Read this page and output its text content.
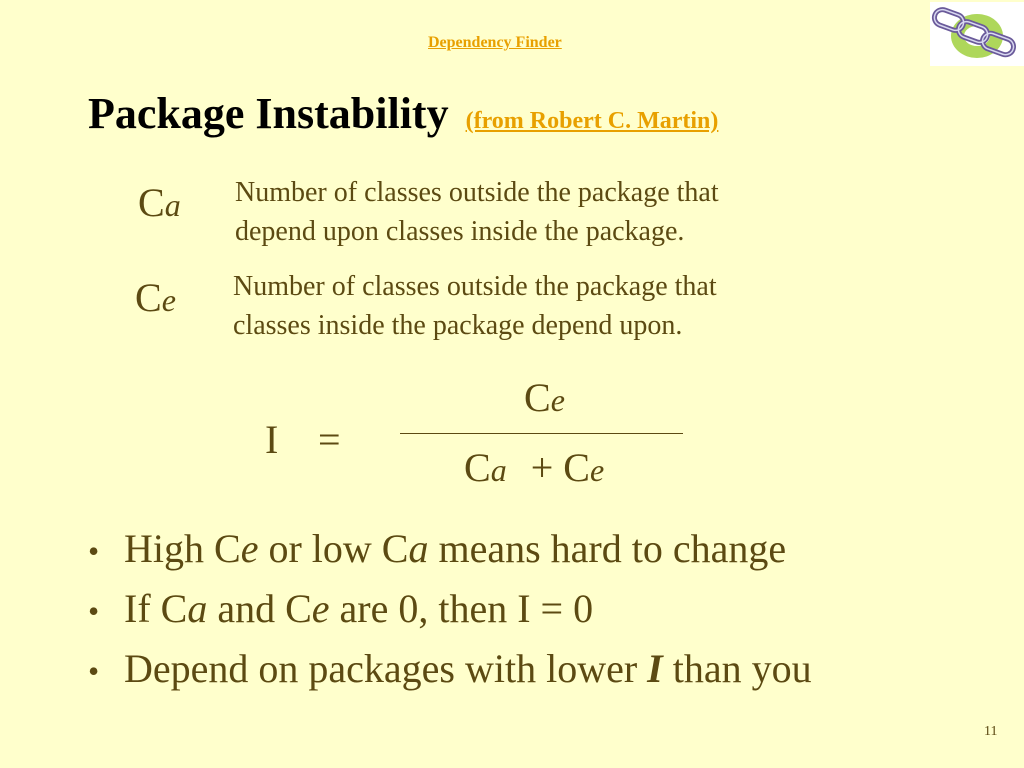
Dependency Finder
Package Instability (from Robert C. Martin)
Ca Number of classes outside the package that
depend upon classes inside the package.
Ce Number of classes outside the package that
classes inside the package depend upon.
I =
Ce
Ca + Ce
• High Ce or low Ca means hard to change
• If Ca and Ce are 0, then I = 0
• Depend on packages with lower I than you
11
